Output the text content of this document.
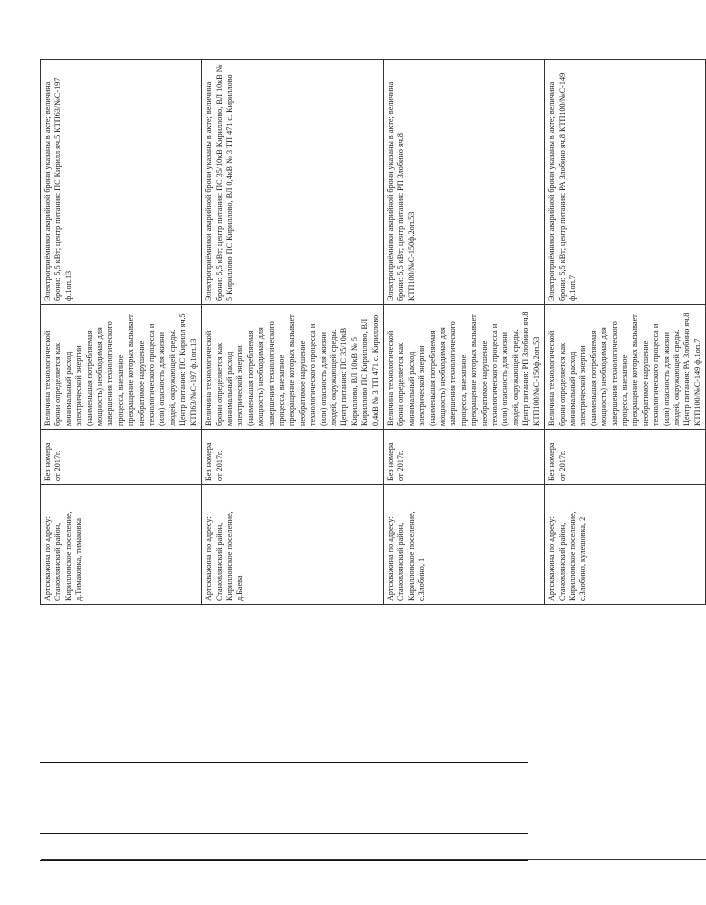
	Артскважина по адресу: Становлянский район, Кирилловское поселение, д.Тимаковка, тимаковка	Без номера от 2017г.	Величина технологической брони определяется как минимальный расход электрической энергии (наименьшая потребляемая мощность) необходимая для завершения технологического процесса, внезапное прекращение которых вызывает необратимое нарушение технологического процесса и (или) опасность для жизни людей, окружающей среды. Центр питания: ПС Кирилл яч.5 КТП63/№С-197 ф.1оп.13	Электроприёмники аварийной брони указаны в акте; величина брони: 5,5 кВт; центр питания: ПС Кирилл яч.5 КТП63/№С-197 ф.1оп.13
	Артскважина по адресу: Становлянский район, Кирилловское поселение, д.Баева	Без номера от 2017г.	Величина технологической брони определяется как минимальный расход электрической энергии (наименьшая потребляемая мощность) необходимая для завершения технологического процесса, внезапное прекращение которых вызывает необратимое нарушение технологического процесса и (или) опасность для жизни людей, окружающей среды. Центр питания: ПС 35/10кВ Кириллово, ВЛ 10кВ № 5 Кириллово ПС Кириллово, ВЛ 0,4кВ № 3 ТП 471 с. Кириллово	Электроприёмники аварийной брони указаны в акте; величина брони: 5,5 кВт; центр питания: ПС 35/10кВ Кириллово, ВЛ 10кВ № 5 Кириллово ПС Кириллово, ВЛ 0,4кВ № 3 ТП 471 с. Кириллово
	Артскважина по адресу: Становлянский район, Кирилловское поселение, с.Злобино, 1	Без номера от 2017г.	Величина технологической брони определяется как минимальный расход электрической энергии (наименьшая потребляемая мощность) необходимая для завершения технологического процесса, внезапное прекращение которых вызывает необратимое нарушение технологического процесса и (или) опасность для жизни людей, окружающей среды. Центр питания: РП Злобино яч.8 КТП100/№С-150ф.2оп.53	Электроприёмники аварийной брони указаны в акте; величина брони: 5,5 кВт; центр питания: РП Злобино яч.8 КТП100/№С-150ф.2оп.53
	Артскважина по адресу: Становлянский район, Кирилловское поселение, с.Злобино, кулешовка, 2	Без номера от 2017г.	Величина технологической брони определяется как минимальный расход электрической энергии (наименьшая потребляемая мощность) необходимая для завершения технологического процесса, внезапное прекращение которых вызывает необратимое нарушение технологического процесса и (или) опасность для жизни людей, окружающей среды. Центр питания: РА Злобино яч.8 КТП100/№С-149 ф.1оп.7	Электроприёмники аварийной брони указаны в акте; величина брони: 5,5 кВт; центр питания: РА Злобино яч.8 КТП100/№С-149 ф.1оп.7
